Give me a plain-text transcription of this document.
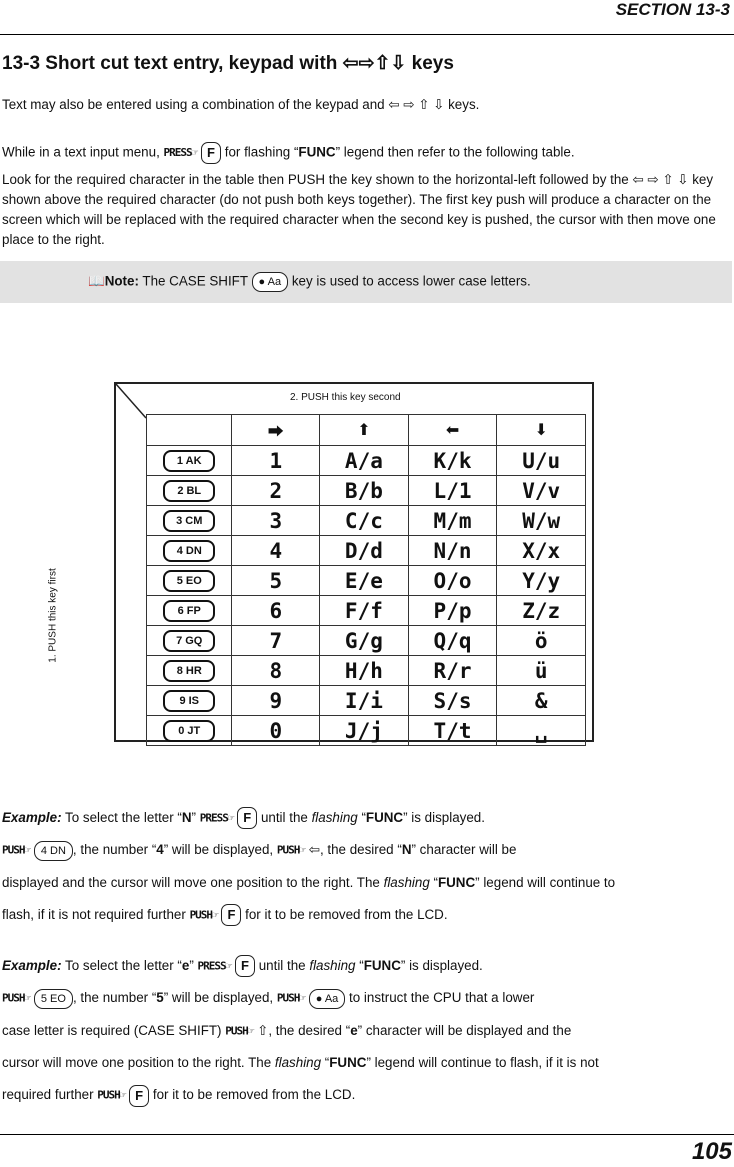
SECTION 13-3
13-3 Short cut text entry, keypad with ⇦⇨⇧⇩ keys
Text may also be entered using a combination of the keypad and ⇦ ⇨ ⇧ ⇩ keys.
While in a text input menu, PRESS☞ F for flashing “FUNC” legend then refer to the following table.
Look for the required character in the table then PUSH the key shown to the horizontal-left followed by the ⇦ ⇨ ⇧ ⇩ key shown above the required character (do not push both keys together). The first key push will produce a character on the screen which will be replaced with the required character when the second key is pushed, the cursor with then move one place to the right.
📖Note: The CASE SHIFT ● Aa key is used to access lower case letters.
2. PUSH this key second
1. PUSH this key first
	⮕	⬆	⬅	⬇
1 AK	1	A/a	K/k	U/u
2 BL	2	B/b	L/1	V/v
3 CM	3	C/c	M/m	W/w
4 DN	4	D/d	N/n	X/x
5 EO	5	E/e	O/o	Y/y
6 FP	6	F/f	P/p	Z/z
7 GQ	7	G/g	Q/q	ö
8 HR	8	H/h	R/r	ü
9 IS	9	I/i	S/s	&
0 JT	0	J/j	T/t	␣

Example: To select the letter “N” PRESS☞ F until the flashing “FUNC” is displayed.

PUSH☞ 4 DN , the number “4” will be displayed, PUSH☞ ⇦, the desired “N” character will be

displayed and the cursor will move one position to the right. The flashing “FUNC” legend will continue to

flash, if it is not required further PUSH☞ F for it to be removed from the LCD.

Example: To select the letter “e” PRESS☞ F until the flashing “FUNC” is displayed.

PUSH☞ 5 EO , the number “5” will be displayed, PUSH☞ ● Aa to instruct the CPU that a lower

case letter is required (CASE SHIFT) PUSH☞ ⇧, the desired “e” character will be displayed and the

cursor will move one position to the right. The flashing “FUNC” legend will continue to flash, if it is not

required further PUSH☞ F for it to be removed from the LCD.

105
